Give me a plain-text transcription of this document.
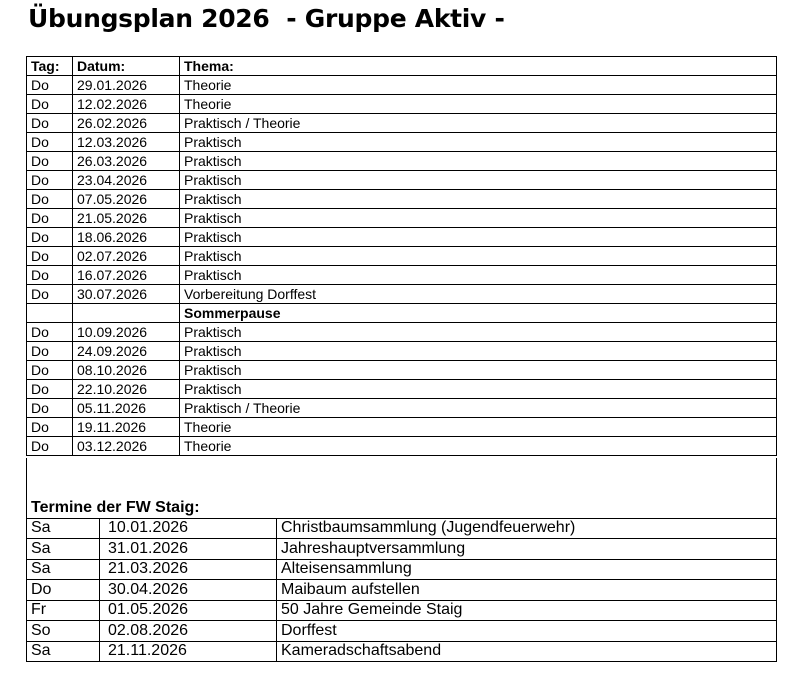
Übungsplan 2026  - Gruppe Aktiv -
Tag:	Datum:	Thema:
Do	29.01.2026	Theorie
Do	12.02.2026	Theorie
Do	26.02.2026	Praktisch / Theorie
Do	12.03.2026	Praktisch
Do	26.03.2026	Praktisch
Do	23.04.2026	Praktisch
Do	07.05.2026	Praktisch
Do	21.05.2026	Praktisch
Do	18.06.2026	Praktisch
Do	02.07.2026	Praktisch
Do	16.07.2026	Praktisch
Do	30.07.2026	Vorbereitung Dorffest
		Sommerpause
Do	10.09.2026	Praktisch
Do	24.09.2026	Praktisch
Do	08.10.2026	Praktisch
Do	22.10.2026	Praktisch
Do	05.11.2026	Praktisch / Theorie
Do	19.11.2026	Theorie
Do	03.12.2026	Theorie
Termine der FW Staig:		
Sa	10.01.2026	Christbaumsammlung (Jugendfeuerwehr)
Sa	31.01.2026	Jahreshauptversammlung
Sa	21.03.2026	Alteisensammlung
Do	30.04.2026	Maibaum aufstellen
Fr	01.05.2026	50 Jahre Gemeinde Staig
So	02.08.2026	Dorffest
Sa	21.11.2026	Kameradschaftsabend
